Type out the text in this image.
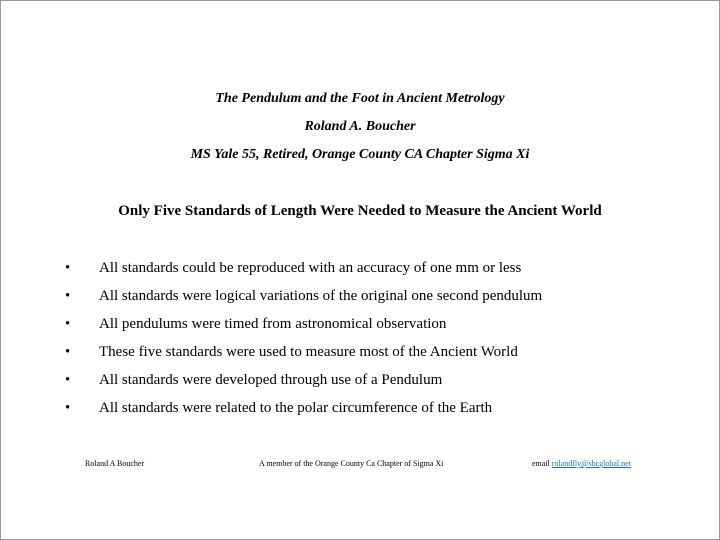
The Pendulum and the Foot in Ancient Metrology
Roland A. Boucher
MS Yale 55, Retired, Orange County CA Chapter Sigma Xi
Only Five Standards of Length Were Needed to Measure the Ancient World
• All standards could be reproduced with an accuracy of one mm or less
• All standards were logical variations of the original one second pendulum
• All pendulums were timed from astronomical observation
• These five standards were used to measure most of the Ancient World
• All standards were developed through use of a Pendulum
• All standards were related to the polar circumference of the Earth
Roland A Boucher	A member of the Orange County Ca Chapter of Sigma Xi	email rolandfly@sbcglobal.net
